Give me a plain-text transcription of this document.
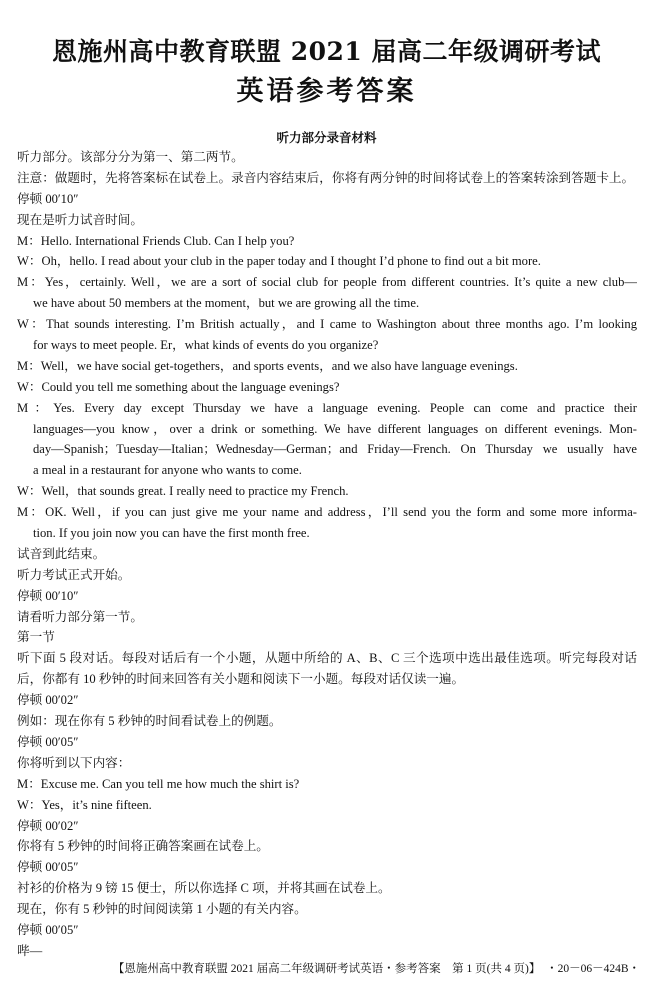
恩施州高中教育联盟 2021 届高二年级调研考试
英语参考答案
听力部分录音材料
听力部分。该部分分为第一、第二两节。
注意：做题时，先将答案标在试卷上。录音内容结束后，你将有两分钟的时间将试卷上的答案转涂到答题卡上。
停顿 00′10″
现在是听力试音时间。
M：Hello. International Friends Club. Can I help you?
W：Oh，hello. I read about your club in the paper today and I thought I’d phone to find out a bit more.
M：Yes，certainly. Well，we are a sort of social club for people from different countries. It’s quite a new club—
we have about 50 members at the moment，but we are growing all the time.
W：That sounds interesting. I’m British actually，and I came to Washington about three months ago. I’m looking
for ways to meet people. Er，what kinds of events do you organize?
M：Well，we have social get-togethers，and sports events，and we also have language evenings.
W：Could you tell me something about the language evenings?
M：Yes. Every day except Thursday we have a language evening. People can come and practice their
languages—you know，over a drink or something. We have different languages on different evenings. Mon-
day—Spanish；Tuesday—Italian；Wednesday—German；and Friday—French. On Thursday we usually have
a meal in a restaurant for anyone who wants to come.
W：Well，that sounds great. I really need to practice my French.
M：OK. Well，if you can just give me your name and address，I’ll send you the form and some more informa-
tion. If you join now you can have the first month free.
试音到此结束。
听力考试正式开始。
停顿 00′10″
请看听力部分第一节。
第一节
听下面 5 段对话。每段对话后有一个小题，从题中所给的 A、B、C 三个选项中选出最佳选项。听完每段对话
后，你都有 10 秒钟的时间来回答有关小题和阅读下一小题。每段对话仅读一遍。
停顿 00′02″
例如：现在你有 5 秒钟的时间看试卷上的例题。
停顿 00′05″
你将听到以下内容：
M：Excuse me. Can you tell me how much the shirt is?
W：Yes，it’s nine fifteen.
停顿 00′02″
你将有 5 秒钟的时间将正确答案画在试卷上。
停顿 00′05″
衬衫的价格为 9 镑 15 便士，所以你选择 C 项，并将其画在试卷上。
现在，你有 5 秒钟的时间阅读第 1 小题的有关内容。
停顿 00′05″
哔—
【恩施州高中教育联盟 2021 届高二年级调研考试英语・参考答案　第 1 页(共 4 页)】　・20－06－424B・
